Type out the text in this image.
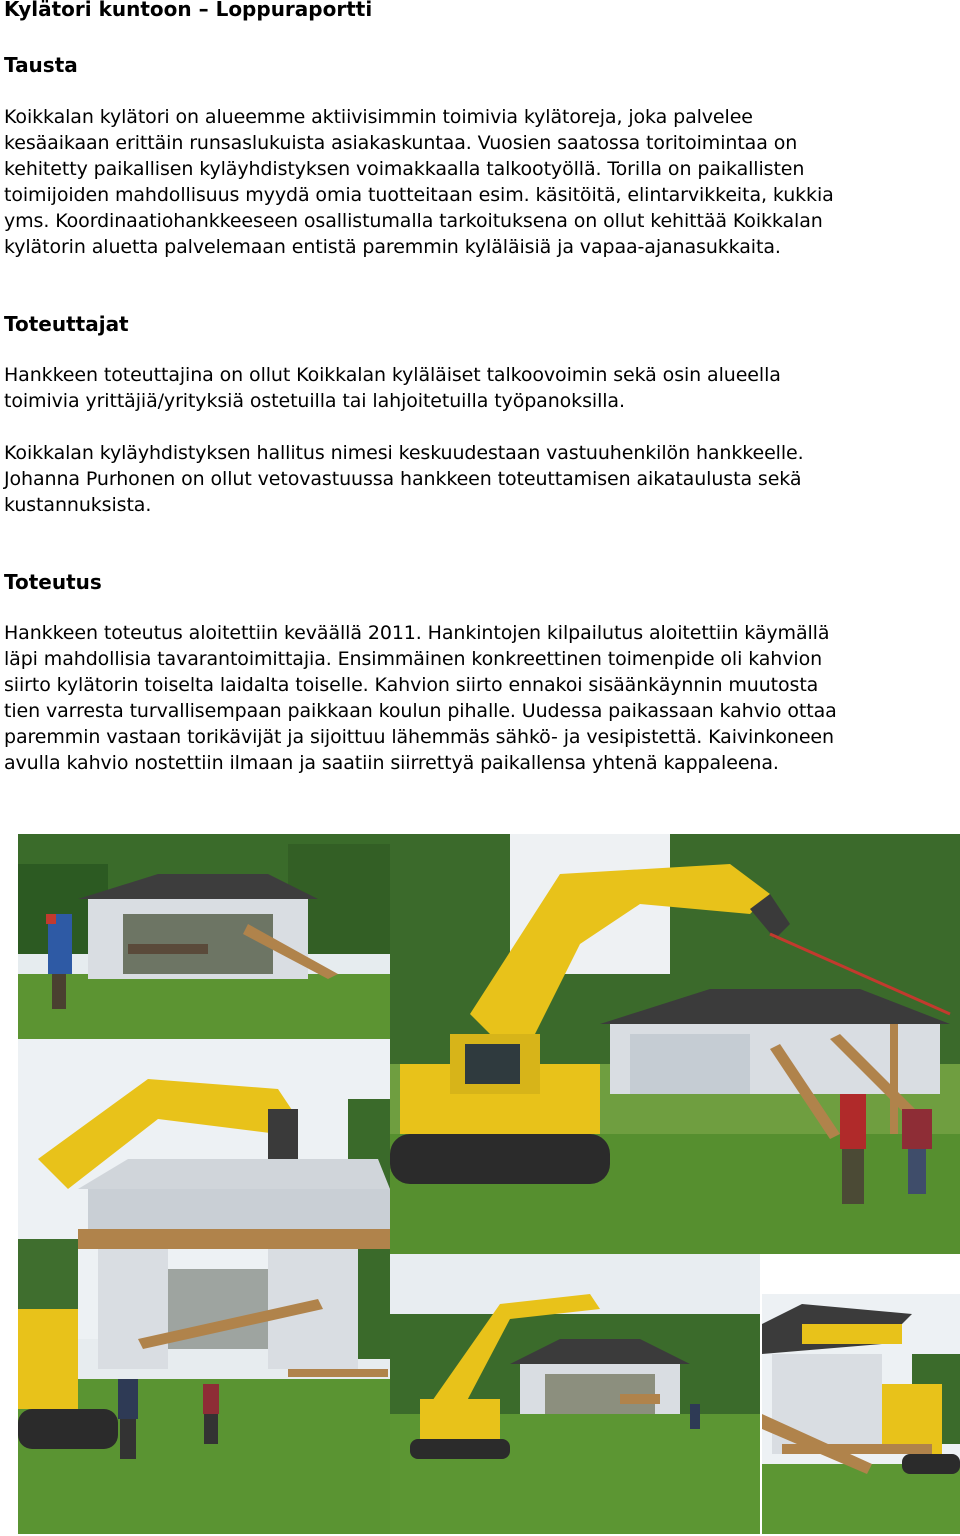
Kylätori kuntoon – Loppuraportti
Tausta

Koikkalan kylätori on alueemme aktiivisimmin toimivia kylätoreja, joka palvelee
kesäaikaan erittäin runsaslukuista asiakaskuntaa. Vuosien saatossa toritoimintaa on
kehitetty paikallisen kyläyhdistyksen voimakkaalla talkootyöllä. Torilla on paikallisten
toimijoiden mahdollisuus myydä omia tuotteitaan esim. käsitöitä, elintarvikkeita, kukkia
yms. Koordinaatiohankkeeseen osallistumalla tarkoituksena on ollut kehittää Koikkalan
kylätorin aluetta palvelemaan entistä paremmin kyläläisiä ja vapaa-ajanasukkaita.

Toteuttajat

Hankkeen toteuttajina on ollut Koikkalan kyläläiset talkoovoimin sekä osin alueella
toimivia yrittäjiä/yrityksiä ostetuilla tai lahjoitetuilla työpanoksilla.

Koikkalan kyläyhdistyksen hallitus nimesi keskuudestaan vastuuhenkilön hankkeelle.
Johanna Purhonen on ollut vetovastuussa hankkeen toteuttamisen aikataulusta sekä
kustannuksista.

Toteutus

Hankkeen toteutus aloitettiin keväällä 2011. Hankintojen kilpailutus aloitettiin käymällä
läpi mahdollisia tavarantoimittajia. Ensimmäinen konkreettinen toimenpide oli kahvion
siirto kylätorin toiselta laidalta toiselle. Kahvion siirto ennakoi sisäänkäynnin muutosta
tien varresta turvallisempaan paikkaan koulun pihalle. Uudessa paikassaan kahvio ottaa
paremmin vastaan torikävijät ja sijoittuu lähemmäs sähkö- ja vesipistettä. Kaivinkoneen
avulla kahvio nostettiin ilmaan ja saatiin siirrettyä paikallensa yhtenä kappaleena.
